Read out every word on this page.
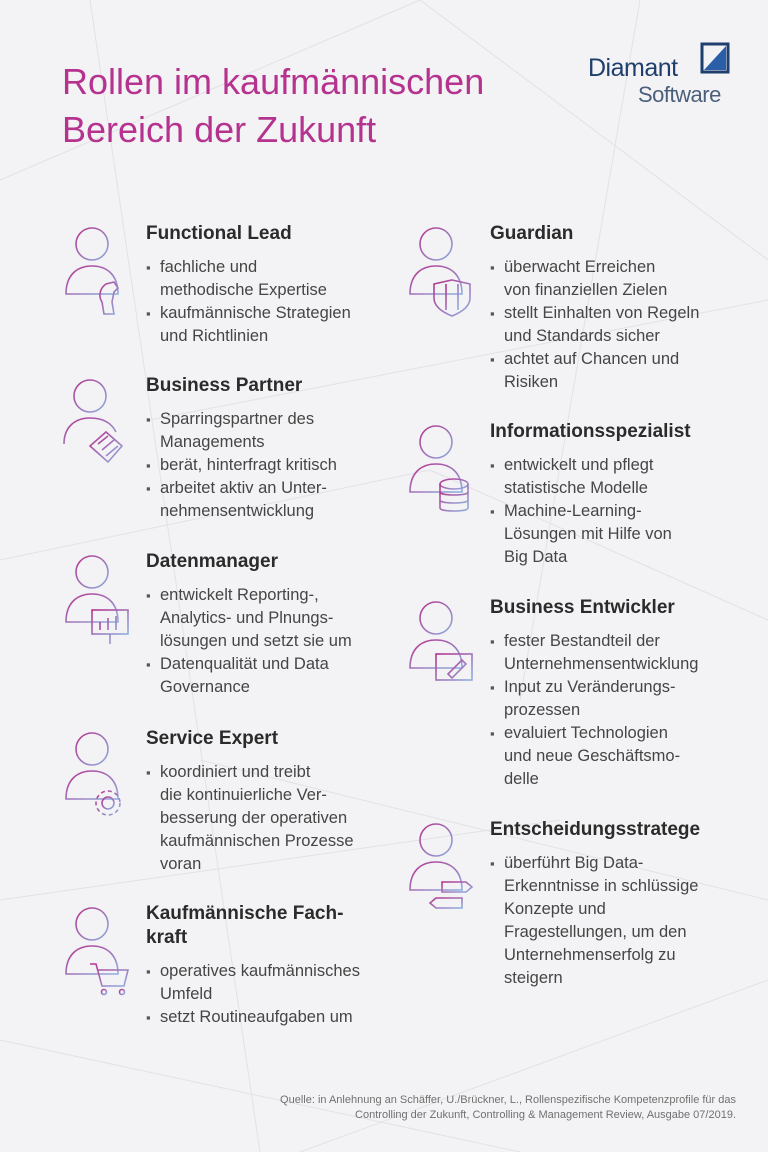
Rollen im kaufmännischen
Bereich der Zukunft
Diamant
Software
Functional Lead
▪ fachliche und
methodische Expertise
▪ kaufmännische Strategien
und Richtlinien
Business Partner
▪ Sparringspartner des
Managements
▪ berät, hinterfragt kritisch
▪ arbeitet aktiv an Unter-
nehmensentwicklung
Datenmanager
▪ entwickelt Reporting-,
Analytics- und Plnungs-
lösungen und setzt sie um
▪ Datenqualität und Data
Governance
Service Expert
▪ koordiniert und treibt
die kontinuierliche Ver-
besserung der operativen
kaufmännischen Prozesse
voran
Kaufmännische Fach-
kraft
▪ operatives kaufmännisches
Umfeld
▪ setzt Routineaufgaben um
Guardian
▪ überwacht Erreichen
von finanziellen Zielen
▪ stellt Einhalten von Regeln
und Standards sicher
▪ achtet auf Chancen und
Risiken
Informationsspezialist
▪ entwickelt und pflegt
statistische Modelle
▪ Machine-Learning-
Lösungen mit Hilfe von
Big Data
Business Entwickler
▪ fester Bestandteil der
Unternehmensentwicklung
▪ Input zu Veränderungs-
prozessen
▪ evaluiert Technologien
und neue Geschäftsmo-
delle
Entscheidungsstratege
▪ überführt Big Data-
Erkenntnisse in schlüssige
Konzepte und
Fragestellungen, um den
Unternehmenserfolg zu
steigern
Quelle: in Anlehnung an Schäffer, U./Brückner, L., Rollenspezifische Kompetenzprofile für das
Controlling der Zukunft, Controlling & Management Review, Ausgabe 07/2019.
